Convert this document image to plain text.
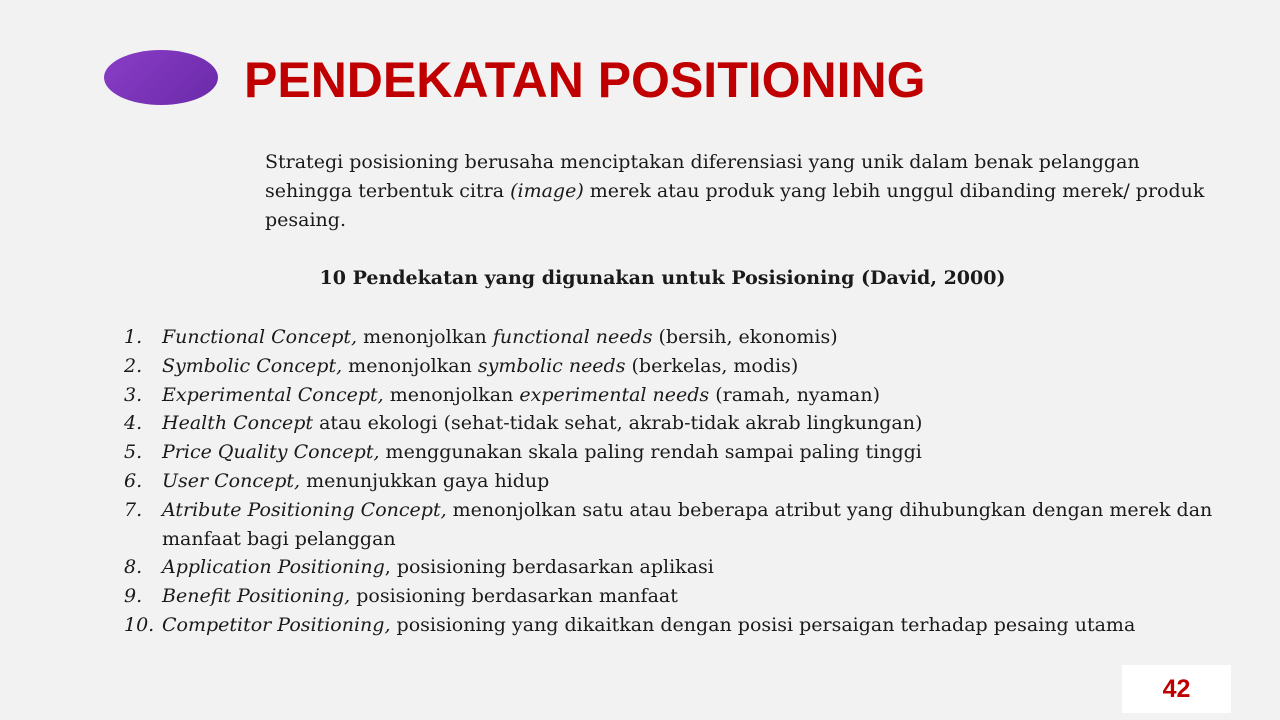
PENDEKATAN POSITIONING

Strategi posisioning berusaha menciptakan diferensiasi yang unik dalam benak pelanggan sehingga terbentuk citra (image) merek atau produk yang lebih unggul dibanding merek/ produk pesaing.

10 Pendekatan yang digunakan untuk Posisioning (David, 2000)

1. Functional Concept, menonjolkan functional needs (bersih, ekonomis)
2. Symbolic Concept, menonjolkan symbolic needs (berkelas, modis)
3. Experimental Concept, menonjolkan experimental needs (ramah, nyaman)
4. Health Concept atau ekologi (sehat-tidak sehat, akrab-tidak akrab lingkungan)
5. Price Quality Concept, menggunakan skala paling rendah sampai paling tinggi
6. User Concept, menunjukkan gaya hidup
7. Atribute Positioning Concept, menonjolkan satu atau beberapa atribut yang dihubungkan dengan merek dan manfaat bagi pelanggan
8. Application Positioning, posisioning berdasarkan aplikasi
9. Benefit Positioning, posisioning berdasarkan manfaat
10. Competitor Positioning, posisioning yang dikaitkan dengan posisi persaigan terhadap pesaing utama
42
